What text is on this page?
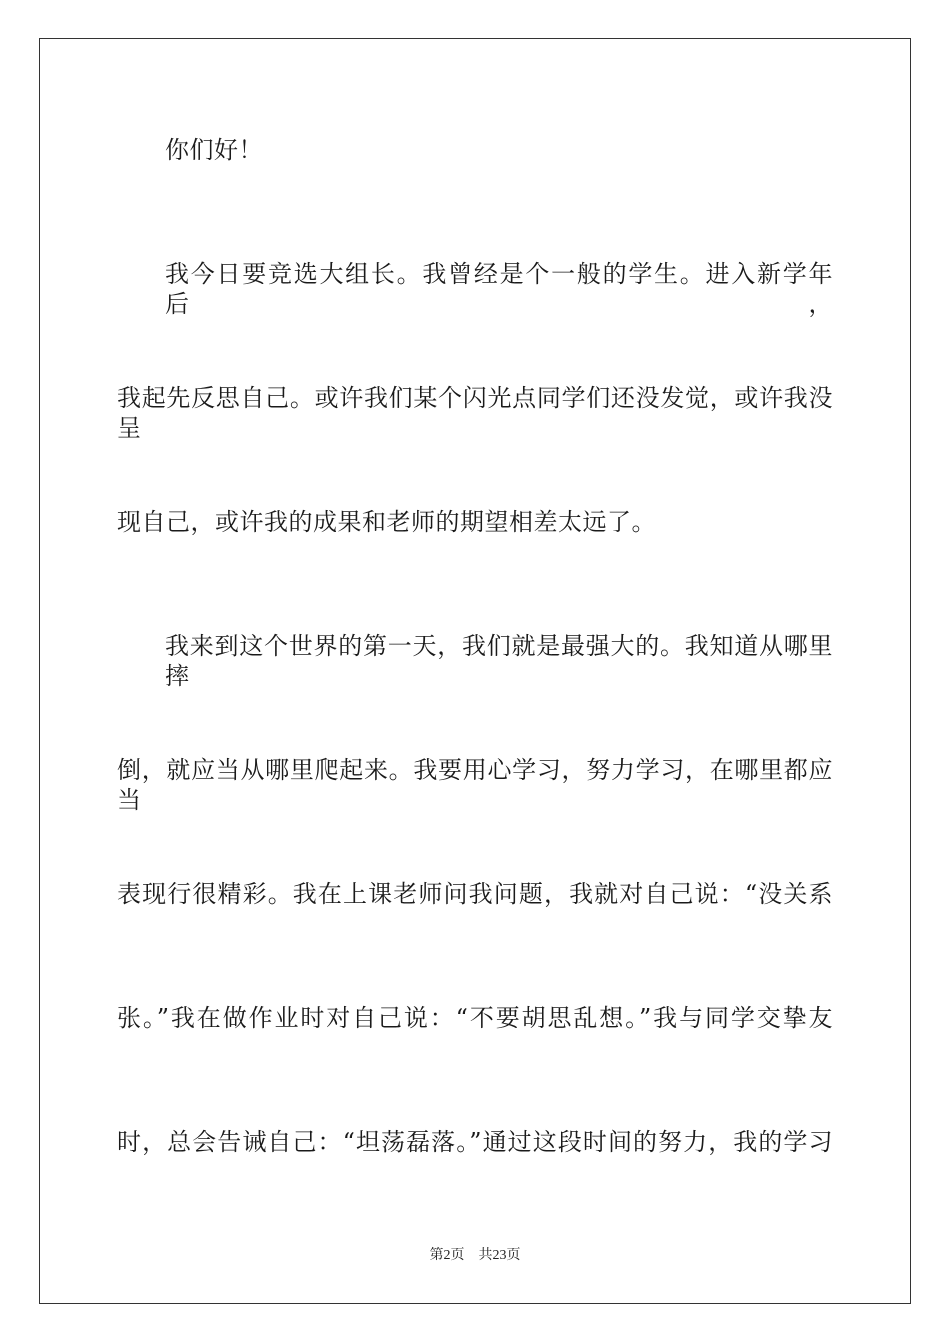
你们好！
我今日要竞选大组长。我曾经是个一般的学生。进入新学年后，
我起先反思自己。或许我们某个闪光点同学们还没发觉，或许我没呈
现自己，或许我的成果和老师的期望相差太远了。
我来到这个世界的第一天，我们就是最强大的。我知道从哪里摔
倒，就应当从哪里爬起来。我要用心学习，努力学习，在哪里都应当
表现行很精彩。我在上课老师问我问题，我就对自己说：“没关系
张。”我在做作业时对自己说：“不要胡思乱想。”我与同学交挚友
时，总会告诫自己：“坦荡磊落。”通过这段时间的努力，我的学习
第2页 共23页
